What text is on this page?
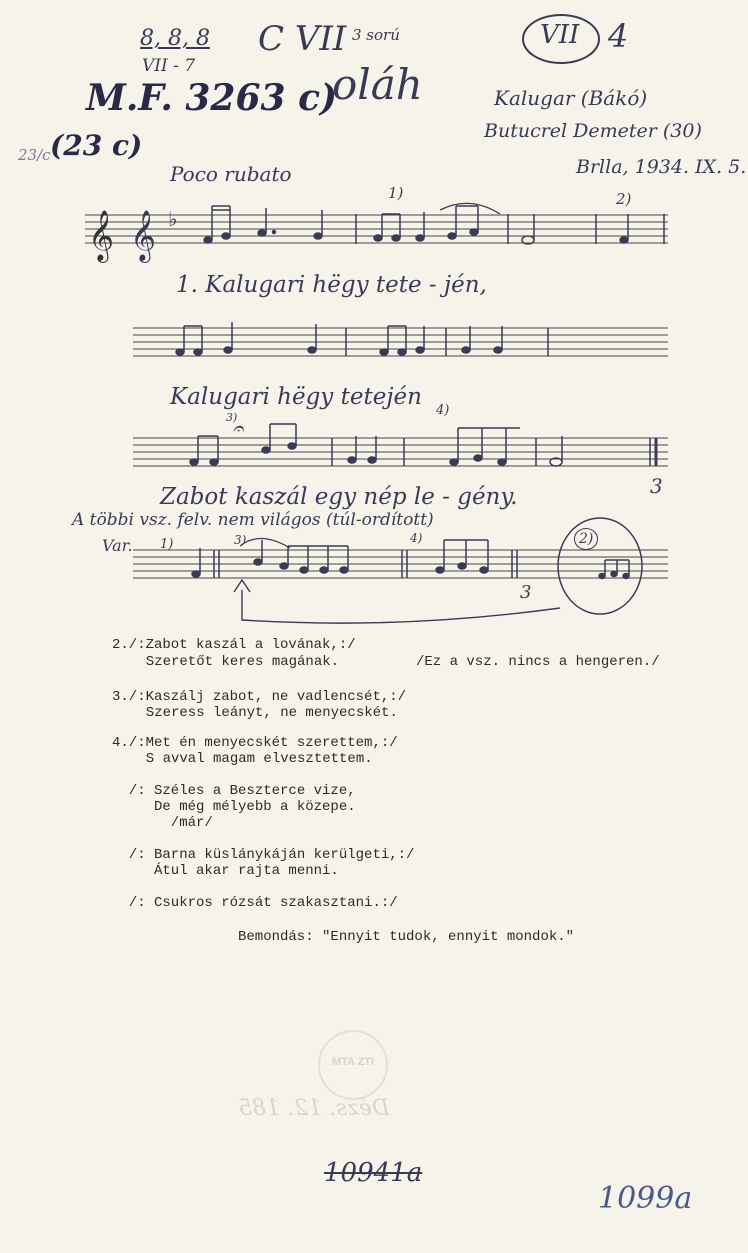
8, 8, 8
VII - 7
M.F. 3263 c)
23/c (23 c)
C VII 3 sorú
oláh
VII 4
Kalugar (Bákó)
Butucrel Demeter (30)
Brlla, 1934. IX. 5.
Poco rubato
𝄞 𝄞 ♭
1)	2)
𝄐
3)	4)
3
1. Kalugari hëgy tete - jén,
Kalugari hëgy tetején
Zabot kaszál egy nép le - gény.
A többi vsz. felv. nem világos (túl-ordított)
Var. 1)	3)	4)	2)
3
2./:Zabot kaszál a lovának,:/
Szeretőt keres magának.	/Ez a vsz. nincs a hengeren./
3./:Kaszálj zabot, ne vadlencsét,:/
Szeress leányt, ne menyecskét.
4./:Met én menyecskét szerettem,:/
S avval magam elvesztettem.
/: Széles a Beszterce vize,
De még mélyebb a közepe.
/már/
/: Barna küslánykáján kerülgeti,:/
Átul akar rajta menni.
/: Csukros rózsát szakasztani.:/
Bemondás: "Ennyit tudok, ennyit mondok."
MTA ZTI
Dézs. 12. 185
10941a
1099a
